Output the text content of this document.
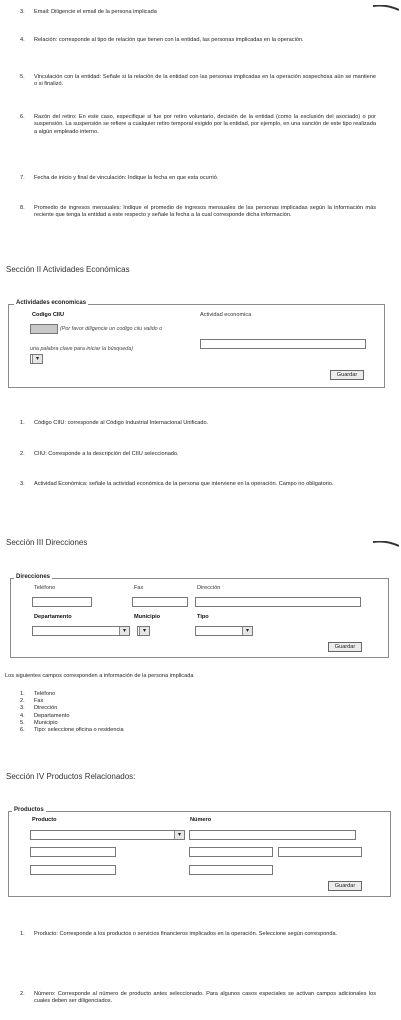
3.	Email: Diligencie el email de la persona implicada
4.	Relación: corresponde al tipo de relación que tienen con la entidad, las personas implicadas en la operación.
5.	Vinculación con la entidad: Señale si la relación de la entidad con las personas implicadas en la operación sospechosa aún se mantiene o si finalizó.
6.	Razón del retiro: En este caso, especifique si fue por retiro voluntario, decisión de la entidad (como la exclusión del asociado) o por suspensión. La suspensión se refiere a cualquier retiro temporal exigido por la entidad, por ejemplo, en una sanción de este tipo realizada a algún empleado interno.
7.	Fecha de inicio y final de vinculación: Indique la fecha en que esta ocurrió.
8.	Promedio de ingresos mensuales: Indique el promedio de ingresos mensuales de las personas implicadas según la información más reciente que tenga la entidad a este respecto y señale la fecha a la cual corresponde dicha información.
Sección II Actividades Económicas
Actividades economicas
Codigo CIIU	Actividad economica
(Por favor diligencie un codigo ciiu valido o
una palabra clave para iniciar la búsqueda)
▾
Guardar
1.	Código CIIU: corresponde al Código Industrial Internacional Unificado.
2.	CIIU: Corresponde a la descripción del CIIU seleccionado.
3.	Actividad Económica: señale la actividad económica de la persona que interviene en la operación. Campo no obligatorio.
Sección III Direcciones
Direcciones
Teléfono	Fax	Dirección
Departamento	Municipio	Tipo
▾	▾	▾
Guardar
Los siguientes campos corresponden a información de la persona implicada
1. Teléfono
2. Fax
3. Dirección
4. Departamento
5. Municipio
6. Tipo: seleccione oficina o residencia
Sección IV Productos Relacionados:
Productos
Producto	Número
▾
Guardar
1.	Producto: Corresponde a los productos o servicios financieros implicados en la operación. Seleccione según corresponda.
2.	Número: Corresponde al número de producto antes seleccionado. Para algunos casos especiales se activan campos adicionales los cuales deben ser diligenciados.
